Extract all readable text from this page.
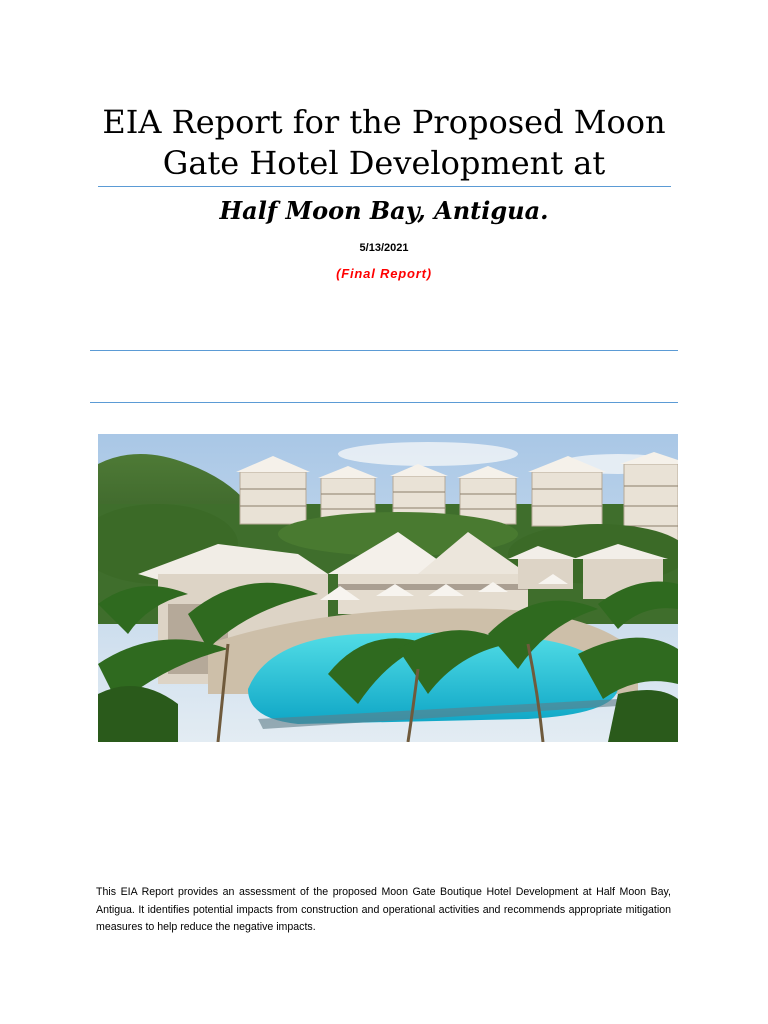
EIA Report for the Proposed Moon
Gate Hotel Development at
Half Moon Bay, Antigua.
5/13/2021
(Final Report)
This EIA Report provides an assessment of the proposed Moon Gate Boutique Hotel Development at Half Moon Bay, Antigua. It identifies potential impacts from construction and operational activities and recommends appropriate mitigation measures to help reduce the negative impacts.
